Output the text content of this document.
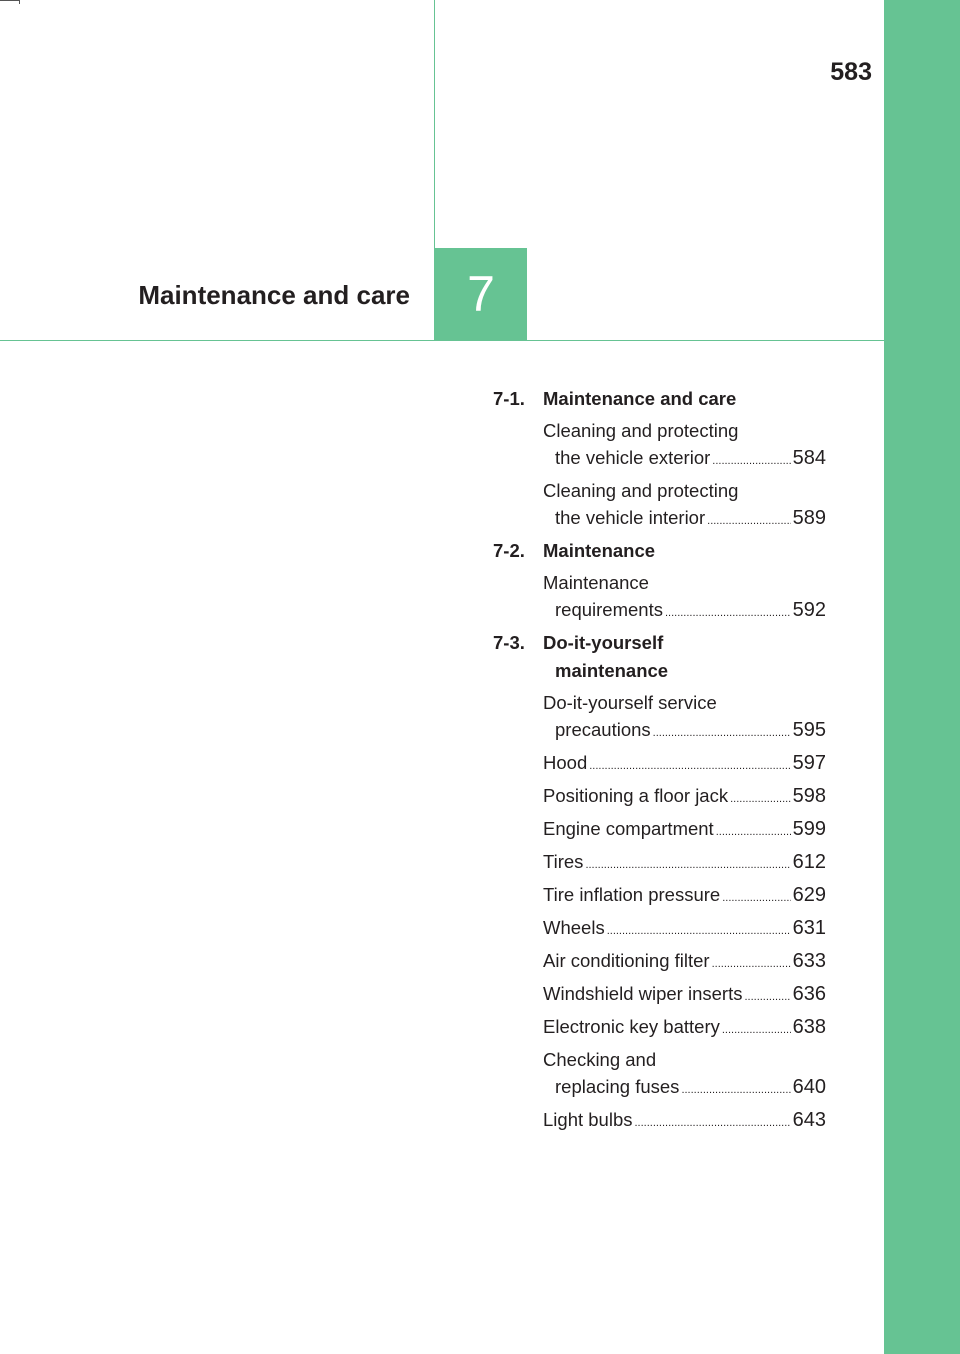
583
Maintenance and care	7
7-1. Maintenance and care
Cleaning and protecting
the vehicle exterior .....	584
Cleaning and protecting
the vehicle interior .....	589
7-2. Maintenance
Maintenance
requirements .....	592
7-3. Do-it-yourself
maintenance
Do-it-yourself service
precautions .....	595
Hood .....	597
Positioning a floor jack .....	598
Engine compartment .....	599
Tires .....	612
Tire inflation pressure .....	629
Wheels .....	631
Air conditioning filter .....	633
Windshield wiper inserts .....	636
Electronic key battery .....	638
Checking and
replacing fuses .....	640
Light bulbs .....	643
